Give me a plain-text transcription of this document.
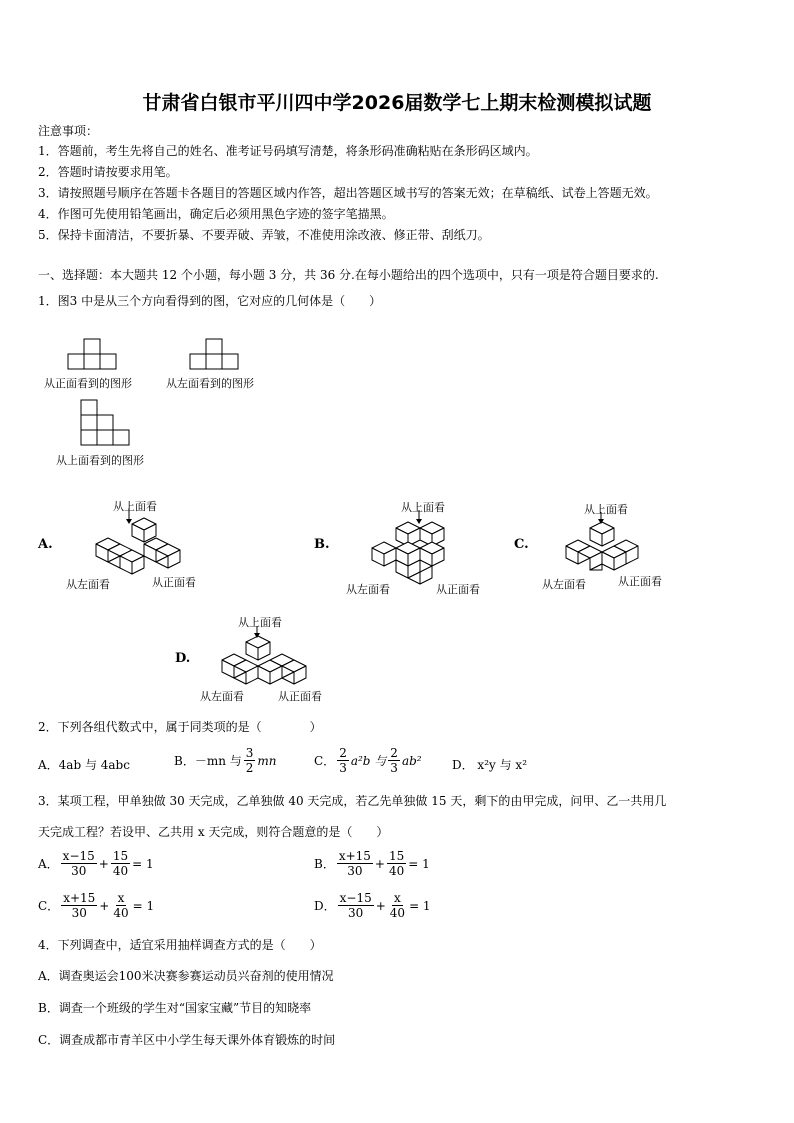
甘肃省白银市平川四中学2026届数学七上期末检测模拟试题
注意事项：
1．答题前，考生先将自己的姓名、准考证号码填写清楚，将条形码准确粘贴在条形码区域内。
2．答题时请按要求用笔。
3．请按照题号顺序在答题卡各题目的答题区域内作答，超出答题区域书写的答案无效；在草稿纸、试卷上答题无效。
4．作图可先使用铅笔画出，确定后必须用黑色字迹的签字笔描黑。
5．保持卡面清洁，不要折暴、不要弄破、弄皱，不准使用涂改液、修正带、刮纸刀。
一、选择题：本大题共 12 个小题，每小题 3 分，共 36 分.在每小题给出的四个选项中，只有一项是符合题目要求的.
1．图3 中是从三个方向看得到的图，它对应的几何体是（　　）
从正面看到的图形	从左面看到的图形
从上面看到的图形
A.
从上面看
从左面看	从正面看
B.
从上面看
从左面看	从正面看
C.
从上面看
从左面看	从正面看
D.
从上面看
从左面看	从正面看
2．下列各组代数式中，属于同类项的是（　　　　）
A．4ab 与 4abc	B．－mn 与 $\frac{3}{2}$ mn	C． $\frac{2}{3} a^2b$ 与 $\frac{2}{3} ab^2$	D． x²y 与 x²
3．某项工程，甲单独做 30 天完成，乙单独做 40 天完成，若乙先单独做 15 天，剩下的由甲完成，问甲、乙一共用几
天完成工程？若设甲、乙共用 x 天完成，则符合题意的是（　　）
A． $\frac{x-15}{30} + \frac{15}{40} = 1$	B． $\frac{x+15}{30} + \frac{15}{40} = 1$
C． $\frac{x+15}{30} + \frac{x}{40} = 1$	D． $\frac{x-15}{30} + \frac{x}{40} = 1$
4．下列调查中，适宜采用抽样调查方式的是（　　）
A．调查奥运会100米决赛参赛运动员兴奋剂的使用情况
B．调查一个班级的学生对“国家宝藏”节目的知晓率
C．调查成都市青羊区中小学生每天课外体育锻炼的时间
